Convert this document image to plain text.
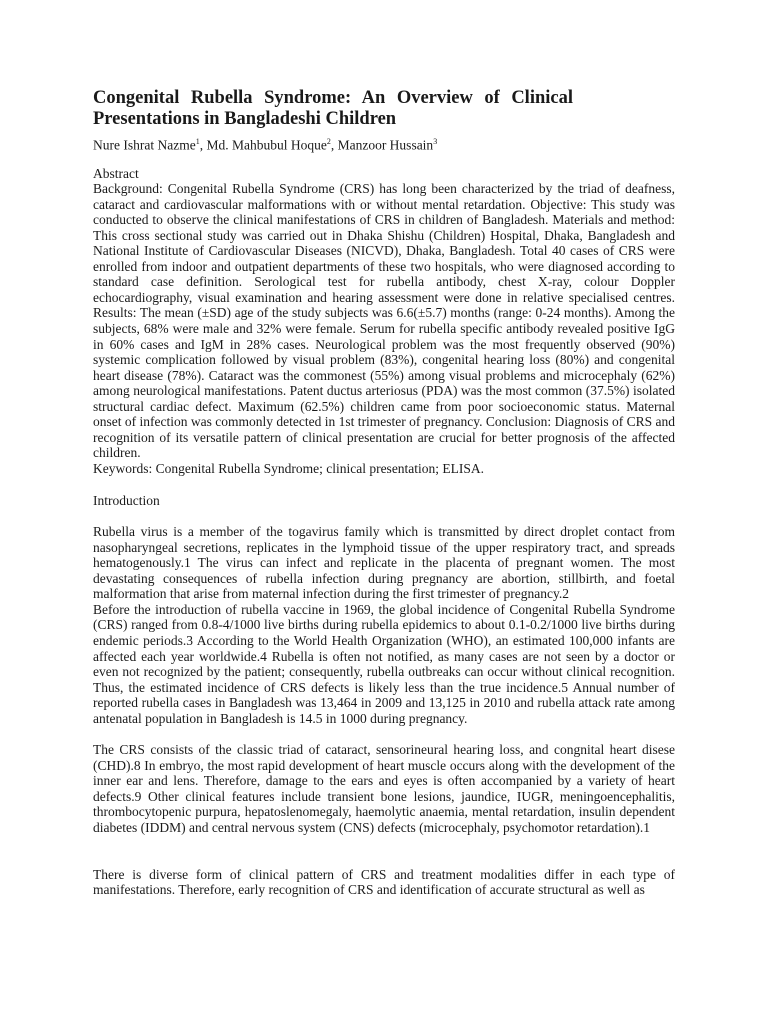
Congenital Rubella Syndrome: An Overview of Clinical Presentations in Bangladeshi Children
Nure Ishrat Nazme$^1$, Md. Mahbubul Hoque$^2$, Manzoor Hussain$^3$
Abstract

Background: Congenital Rubella Syndrome (CRS) has long been characterized by the triad of deafness, cataract and cardiovascular malformations with or without mental retardation. Objective: This study was conducted to observe the clinical manifestations of CRS in children of Bangladesh. Materials and method: This cross sectional study was carried out in Dhaka Shishu (Children) Hospital, Dhaka, Bangladesh and National Institute of Cardiovascular Diseases (NICVD), Dhaka, Bangladesh. Total 40 cases of CRS were enrolled from indoor and outpatient departments of these two hospitals, who were diagnosed according to standard case definition. Serological test for rubella antibody, chest X-ray, colour Doppler echocardiography, visual examination and hearing assessment were done in relative specialised centres. Results: The mean (±SD) age of the study subjects was 6.6(±5.7) months (range: 0-24 months). Among the subjects, 68% were male and 32% were female. Serum for rubella specific antibody revealed positive IgG in 60% cases and IgM in 28% cases. Neurological problem was the most frequently observed (90%) systemic complication followed by visual problem (83%), congenital hearing loss (80%) and congenital heart disease (78%). Cataract was the commonest (55%) among visual problems and microcephaly (62%) among neurological manifestations. Patent ductus arteriosus (PDA) was the most common (37.5%) isolated structural cardiac defect. Maximum (62.5%) children came from poor socioeconomic status. Maternal onset of infection was commonly detected in 1st trimester of pregnancy. Conclusion: Diagnosis of CRS and recognition of its versatile pattern of clinical presentation are crucial for better prognosis of the affected children.

Keywords: Congenital Rubella Syndrome; clinical presentation; ELISA.
Introduction

Rubella virus is a member of the togavirus family which is transmitted by direct droplet contact from nasopharyngeal secretions, replicates in the lymphoid tissue of the upper respiratory tract, and spreads hematogenously.1 The virus can infect and replicate in the placenta of pregnant women. The most devastating consequences of rubella infection during pregnancy are abortion, stillbirth, and foetal malformation that arise from maternal infection during the first trimester of pregnancy.2

Before the introduction of rubella vaccine in 1969, the global incidence of Congenital Rubella Syndrome (CRS) ranged from 0.8-4/1000 live births during rubella epidemics to about 0.1-0.2/1000 live births during endemic periods.3 According to the World Health Organization (WHO), an estimated 100,000 infants are affected each year worldwide.4 Rubella is often not notified, as many cases are not seen by a doctor or even not recognized by the patient; consequently, rubella outbreaks can occur without clinical recognition. Thus, the estimated incidence of CRS defects is likely less than the true incidence.5 Annual number of reported rubella cases in Bangladesh was 13,464 in 2009 and 13,125 in 2010 and rubella attack rate among antenatal population in Bangladesh is 14.5 in 1000 during pregnancy.

The CRS consists of the classic triad of cataract, sensorineural hearing loss, and congnital heart disese (CHD).8 In embryo, the most rapid development of heart muscle occurs along with the development of the inner ear and lens. Therefore, damage to the ears and eyes is often accompanied by a variety of heart defects.9 Other clinical features include transient bone lesions, jaundice, IUGR, meningoencephalitis, thrombocytopenic purpura, hepatoslenomegaly, haemolytic anaemia, mental retardation, insulin dependent diabetes (IDDM) and central nervous system (CNS) defects (microcephaly, psychomotor retardation).1

There is diverse form of clinical pattern of CRS and treatment modalities differ in each type of manifestations. Therefore, early recognition of CRS and identification of accurate structural as well as
